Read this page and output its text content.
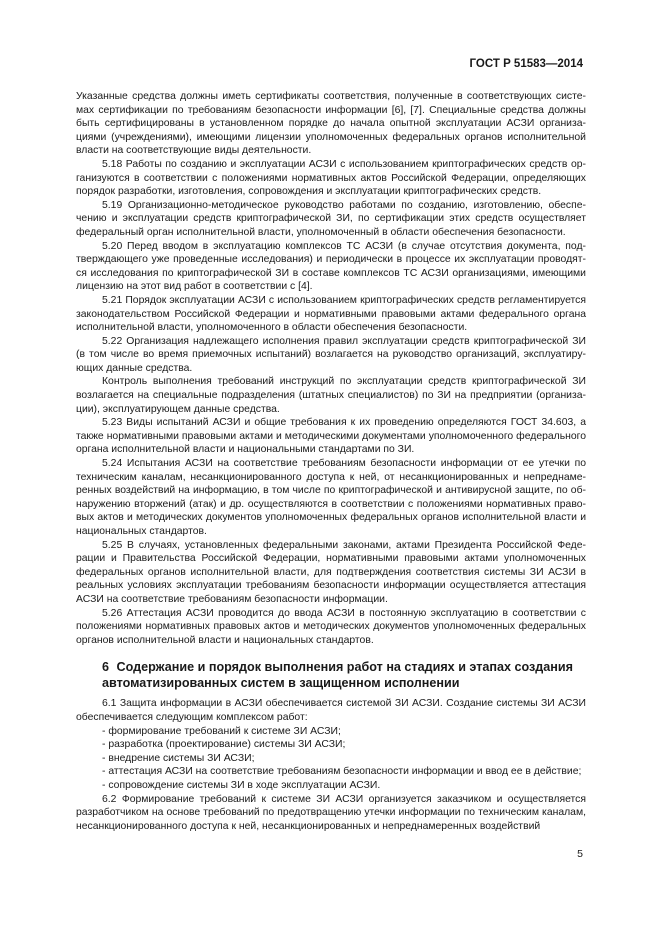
ГОСТ Р 51583—2014

Указанные средства должны иметь сертификаты соответствия, полученные в соответствующих системах сертификации по требованиям безопасности информации [6], [7]. Специальные средства должны быть сертифицированы в установленном порядке до начала опытной эксплуатации АСЗИ организациями (учреждениями), имеющими лицензии уполномоченных федеральных органов исполнительной власти на соответствующие виды деятельности.

5.18 Работы по созданию и эксплуатации АСЗИ с использованием криптографических средств организуются в соответствии с положениями нормативных актов Российской Федерации, определяющих порядок разработки, изготовления, сопровождения и эксплуатации криптографических средств.

5.19 Организационно-методическое руководство работами по созданию, изготовлению, обеспечению и эксплуатации средств криптографической ЗИ, по сертификации этих средств осуществляет федеральный орган исполнительной власти, уполномоченный в области обеспечения безопасности.

5.20 Перед вводом в эксплуатацию комплексов ТС АСЗИ (в случае отсутствия документа, подтверждающего уже проведенные исследования) и периодически в процессе их эксплуатации проводятся исследования по криптографической ЗИ в составе комплексов ТС АСЗИ организациями, имеющими лицензию на этот вид работ в соответствии с [4].

5.21 Порядок эксплуатации АСЗИ с использованием криптографических средств регламентируется законодательством Российской Федерации и нормативными правовыми актами федерального органа исполнительной власти, уполномоченного в области обеспечения безопасности.

5.22 Организация надлежащего исполнения правил эксплуатации средств криптографической ЗИ (в том числе во время приемочных испытаний) возлагается на руководство организаций, эксплуатирующих данные средства.

Контроль выполнения требований инструкций по эксплуатации средств криптографической ЗИ возлагается на специальные подразделения (штатных специалистов) по ЗИ на предприятии (организации), эксплуатирующем данные средства.

5.23 Виды испытаний АСЗИ и общие требования к их проведению определяются ГОСТ 34.603, а также нормативными правовыми актами и методическими документами уполномоченного федерального органа исполнительной власти и национальными стандартами по ЗИ.

5.24 Испытания АСЗИ на соответствие требованиям безопасности информации от ее утечки по техническим каналам, несанкционированного доступа к ней, от несанкционированных и непреднамеренных воздействий на информацию, в том числе по криптографической и антивирусной защите, по обнаружению вторжений (атак) и др. осуществляются в соответствии с положениями нормативных правовых актов и методических документов уполномоченных федеральных органов исполнительной власти и национальных стандартов.

5.25 В случаях, установленных федеральными законами, актами Президента Российской Федерации и Правительства Российской Федерации, нормативными правовыми актами уполномоченных федеральных органов исполнительной власти, для подтверждения соответствия системы ЗИ АСЗИ в реальных условиях эксплуатации требованиям безопасности информации осуществляется аттестация АСЗИ на соответствие требованиям безопасности информации.

5.26 Аттестация АСЗИ проводится до ввода АСЗИ в постоянную эксплуатацию в соответствии с положениями нормативных правовых актов и методических документов уполномоченных федеральных органов исполнительной власти и национальных стандартов.

6 Содержание и порядок выполнения работ на стадиях и этапах создания автоматизированных систем в защищенном исполнении

6.1 Защита информации в АСЗИ обеспечивается системой ЗИ АСЗИ. Создание системы ЗИ АСЗИ обеспечивается следующим комплексом работ:

- формирование требований к системе ЗИ АСЗИ;

- разработка (проектирование) системы ЗИ АСЗИ;

- внедрение системы ЗИ АСЗИ;

- аттестация АСЗИ на соответствие требованиям безопасности информации и ввод ее в действие;

- сопровождение системы ЗИ в ходе эксплуатации АСЗИ.

6.2 Формирование требований к системе ЗИ АСЗИ организуется заказчиком и осуществляется разработчиком на основе требований по предотвращению утечки информации по техническим каналам, несанкционированного доступа к ней, несанкционированных и непреднамеренных воздействий

5
